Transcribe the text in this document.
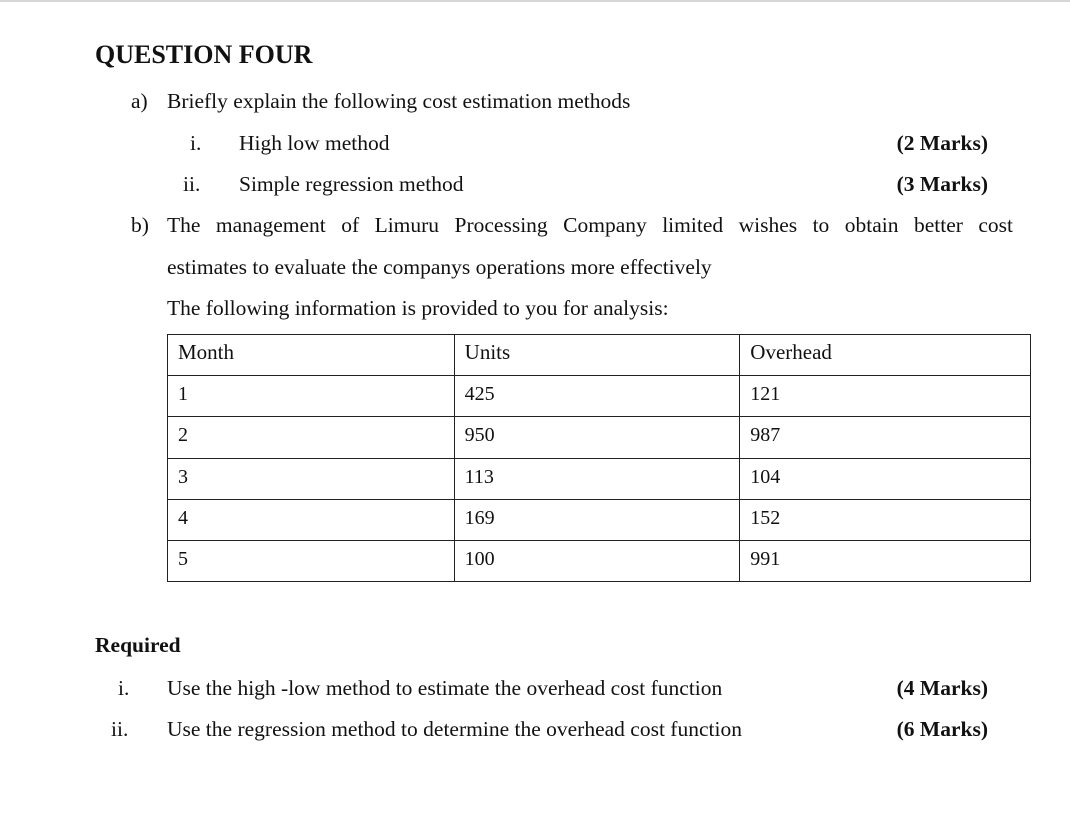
QUESTION FOUR
a) Briefly explain the following cost estimation methods
i. High low method	(2 Marks)
ii. Simple regression method	(3 Marks)
b) The management of Limuru Processing Company limited wishes to obtain better cost
estimates to evaluate the companys operations more effectively
The following information is provided to you for analysis:
Month	Units	Overhead

1	425	121

2	950	987

3	113	104

4	169	152

5	100	991
Required
i. Use the high -low method to estimate the overhead cost function	(4 Marks)
ii. Use the regression method to determine the overhead cost function	(6 Marks)
